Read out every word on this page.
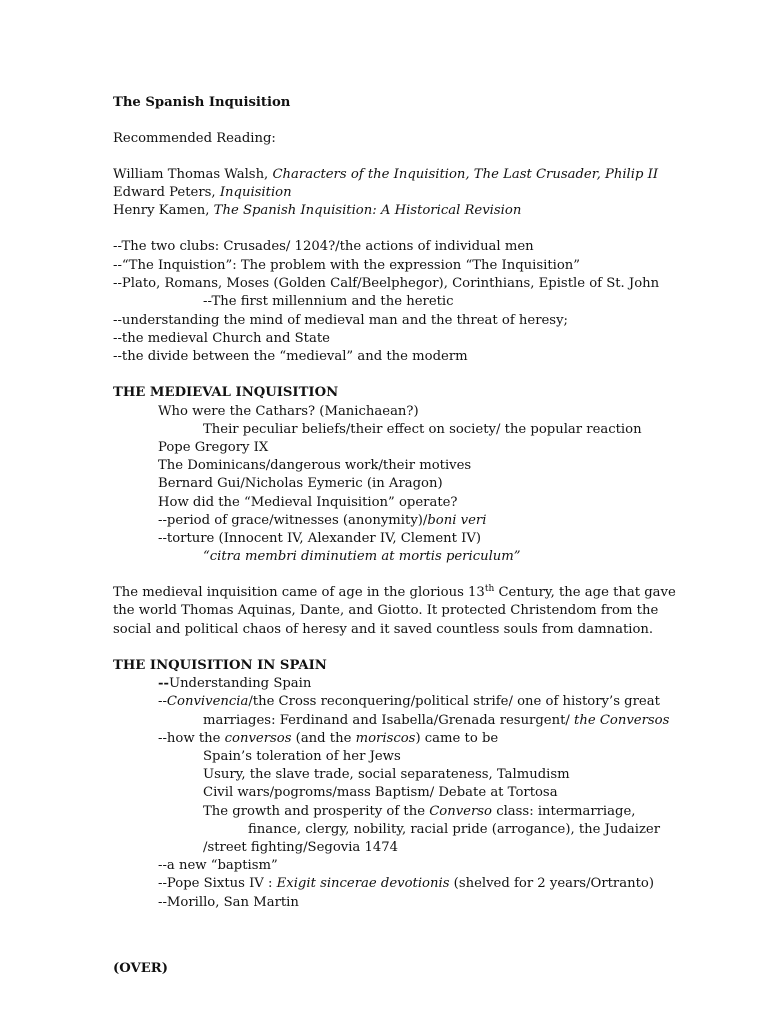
The Spanish Inquisition
Recommended Reading:
William Thomas Walsh, Characters of the Inquisition, The Last Crusader, Philip II
Edward Peters, Inquisition
Henry Kamen, The Spanish Inquisition: A Historical Revision
--The two clubs: Crusades/ 1204?/the actions of individual men
--“The Inquistion”: The problem with the expression “The Inquisition”
--Plato, Romans, Moses (Golden Calf/Beelphegor), Corinthians, Epistle of St. John
--The first millennium and the heretic
--understanding the mind of medieval man and the threat of heresy;
--the medieval Church and State
--the divide between the “medieval” and the moderm
THE MEDIEVAL INQUISITION
Who were the Cathars? (Manichaean?)
Their peculiar beliefs/their effect on society/ the popular reaction
Pope Gregory IX
The Dominicans/dangerous work/their motives
Bernard Gui/Nicholas Eymeric (in Aragon)
How did the “Medieval Inquisition” operate?
--period of grace/witnesses (anonymity)/boni veri
--torture (Innocent IV, Alexander IV, Clement IV)
“citra membri diminutiem at mortis periculum”
The medieval inquisition came of age in the glorious 13th Century, the age that gave
the world Thomas Aquinas, Dante, and Giotto. It protected Christendom from the
social and political chaos of heresy and it saved countless souls from damnation.
THE INQUISITION IN SPAIN
--Understanding Spain
--Convivencia/the Cross reconquering/political strife/ one of history’s great
marriages: Ferdinand and Isabella/Grenada resurgent/ the Conversos
--how the conversos (and the moriscos) came to be
Spain’s toleration of her Jews
Usury, the slave trade, social separateness, Talmudism
Civil wars/pogroms/mass Baptism/ Debate at Tortosa
The growth and prosperity of the Converso class: intermarriage,
finance, clergy, nobility, racial pride (arrogance), the Judaizer
/street fighting/Segovia 1474
--a new “baptism”
--Pope Sixtus IV : Exigit sincerae devotionis (shelved for 2 years/Ortranto)
--Morillo, San Martin
(OVER)
